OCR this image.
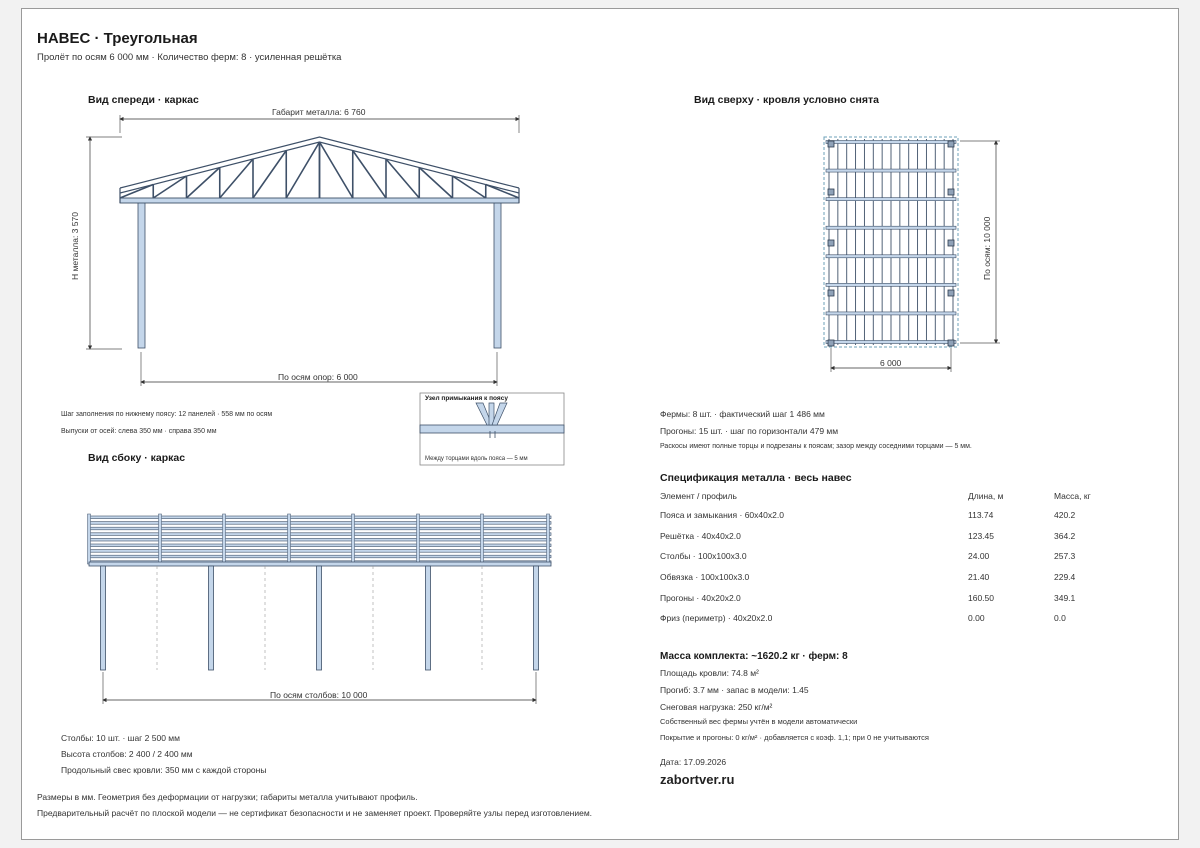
НАВЕС · Треугольная
Пролёт по осям 6 000 мм · Количество ферм: 8 · усиленная решётка
Вид спереди · каркас
Габарит металла: 6 760
H металла: 3 570
По осям опор: 6 000
Шаг заполнения по нижнему поясу: 12 панелей · 558 мм по осям
Выпуски от осей: слева 350 мм · справа 350 мм
Узел примыкания к поясу
Между торцами вдоль пояса — 5 мм
Вид сбоку · каркас
По осям столбов: 10 000
Столбы: 10 шт. · шаг 2 500 мм
Высота столбов: 2 400 / 2 400 мм
Продольный свес кровли: 350 мм с каждой стороны
Вид сверху · кровля условно снята
По осям: 10 000
6 000
Фермы: 8 шт. · фактический шаг 1 486 мм
Прогоны: 15 шт. · шаг по горизонтали 479 мм
Раскосы имеют полные торцы и подрезаны к поясам; зазор между соседними торцами — 5 мм.
Спецификация металла · весь навес
Элемент / профиль	Длина, м	Масса, кг
Пояса и замыкания · 60х40х2.0	113.74	420.2
Решётка · 40х40х2.0	123.45	364.2
Столбы · 100х100х3.0	24.00	257.3
Обвязка · 100х100х3.0	21.40	229.4
Прогоны · 40х20х2.0	160.50	349.1
Фриз (периметр) · 40х20х2.0	0.00	0.0
Масса комплекта: ~1620.2 кг · ферм: 8
Площадь кровли: 74.8 м²
Прогиб: 3.7 мм · запас в модели: 1.45
Снеговая нагрузка: 250 кг/м²
Собственный вес фермы учтён в модели автоматически
Покрытие и прогоны: 0 кг/м² · добавляется с коэф. 1,1; при 0 не учитываются
Дата: 17.09.2026
zabortver.ru
Размеры в мм. Геометрия без деформации от нагрузки; габариты металла учитывают профиль.
Предварительный расчёт по плоской модели — не сертификат безопасности и не заменяет проект. Проверяйте узлы перед изготовлением.
